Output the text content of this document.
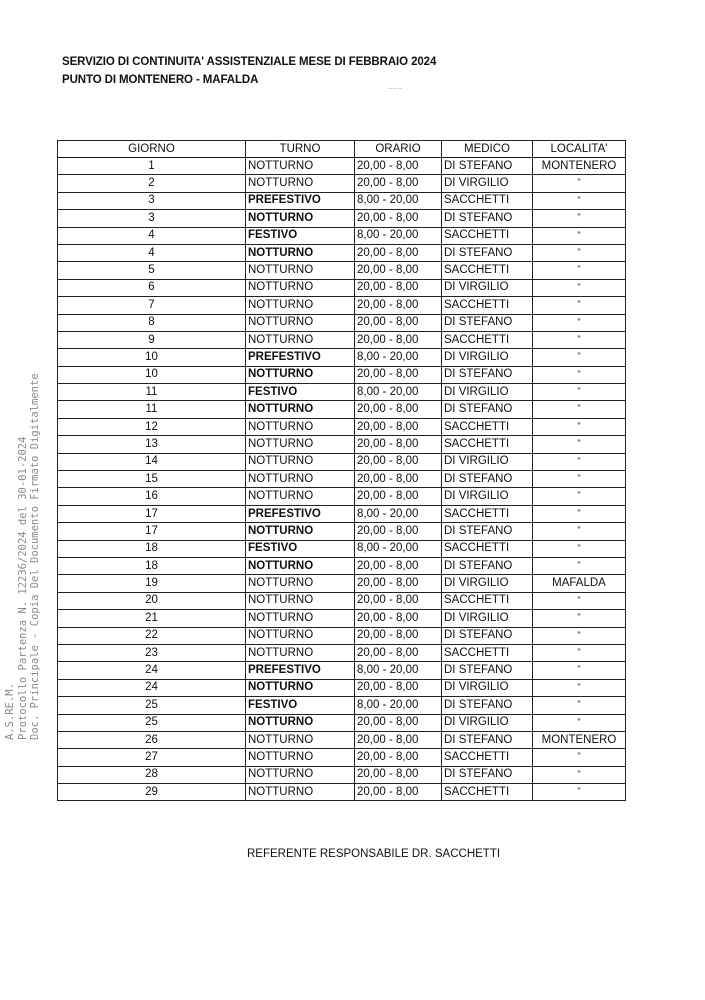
SERVIZIO DI CONTINUITA' ASSISTENZIALE MESE DI FEBBRAIO 2024
PUNTO DI MONTENERO - MAFALDA
~~·~
A.S.RE.M.
Protocollo Partenza N. 12236/2024 del 30-01-2024
Doc. Principale - Copia Del Documento Firmato Digitalmente
GIORNO	TURNO	ORARIO	MEDICO	LOCALITA'
1	NOTTURNO	20,00 - 8,00	DI STEFANO	MONTENERO
2	NOTTURNO	20,00 - 8,00	DI VIRGILIO	"
3	PREFESTIVO	8,00 - 20,00	SACCHETTI	"
3	NOTTURNO	20,00 - 8,00	DI STEFANO	"
4	FESTIVO	8,00 - 20,00	SACCHETTI	"
4	NOTTURNO	20,00 - 8,00	DI STEFANO	"
5	NOTTURNO	20,00 - 8,00	SACCHETTI	"
6	NOTTURNO	20,00 - 8,00	DI VIRGILIO	"
7	NOTTURNO	20,00 - 8,00	SACCHETTI	"
8	NOTTURNO	20,00 - 8,00	DI STEFANO	"
9	NOTTURNO	20,00 - 8,00	SACCHETTI	"
10	PREFESTIVO	8,00 - 20,00	DI VIRGILIO	"
10	NOTTURNO	20,00 - 8,00	DI STEFANO	"
11	FESTIVO	8,00 - 20,00	DI VIRGILIO	"
11	NOTTURNO	20,00 - 8,00	DI STEFANO	"
12	NOTTURNO	20,00 - 8,00	SACCHETTI	"
13	NOTTURNO	20,00 - 8,00	SACCHETTI	"
14	NOTTURNO	20,00 - 8,00	DI VIRGILIO	"
15	NOTTURNO	20,00 - 8,00	DI STEFANO	"
16	NOTTURNO	20,00 - 8,00	DI VIRGILIO	"
17	PREFESTIVO	8,00 - 20,00	SACCHETTI	"
17	NOTTURNO	20,00 - 8,00	DI STEFANO	"
18	FESTIVO	8,00 - 20,00	SACCHETTI	"
18	NOTTURNO	20,00 - 8,00	DI STEFANO	"
19	NOTTURNO	20,00 - 8,00	DI VIRGILIO	MAFALDA
20	NOTTURNO	20,00 - 8,00	SACCHETTI	"
21	NOTTURNO	20,00 - 8,00	DI VIRGILIO	"
22	NOTTURNO	20,00 - 8,00	DI STEFANO	"
23	NOTTURNO	20,00 - 8,00	SACCHETTI	"
24	PREFESTIVO	8,00 - 20,00	DI STEFANO	"
24	NOTTURNO	20,00 - 8,00	DI VIRGILIO	"
25	FESTIVO	8,00 - 20,00	DI STEFANO	"
25	NOTTURNO	20,00 - 8,00	DI VIRGILIO	"
26	NOTTURNO	20,00 - 8,00	DI STEFANO	MONTENERO
27	NOTTURNO	20,00 - 8,00	SACCHETTI	"
28	NOTTURNO	20,00 - 8,00	DI STEFANO	"
29	NOTTURNO	20,00 - 8,00	SACCHETTI	"
REFERENTE RESPONSABILE DR. SACCHETTI
